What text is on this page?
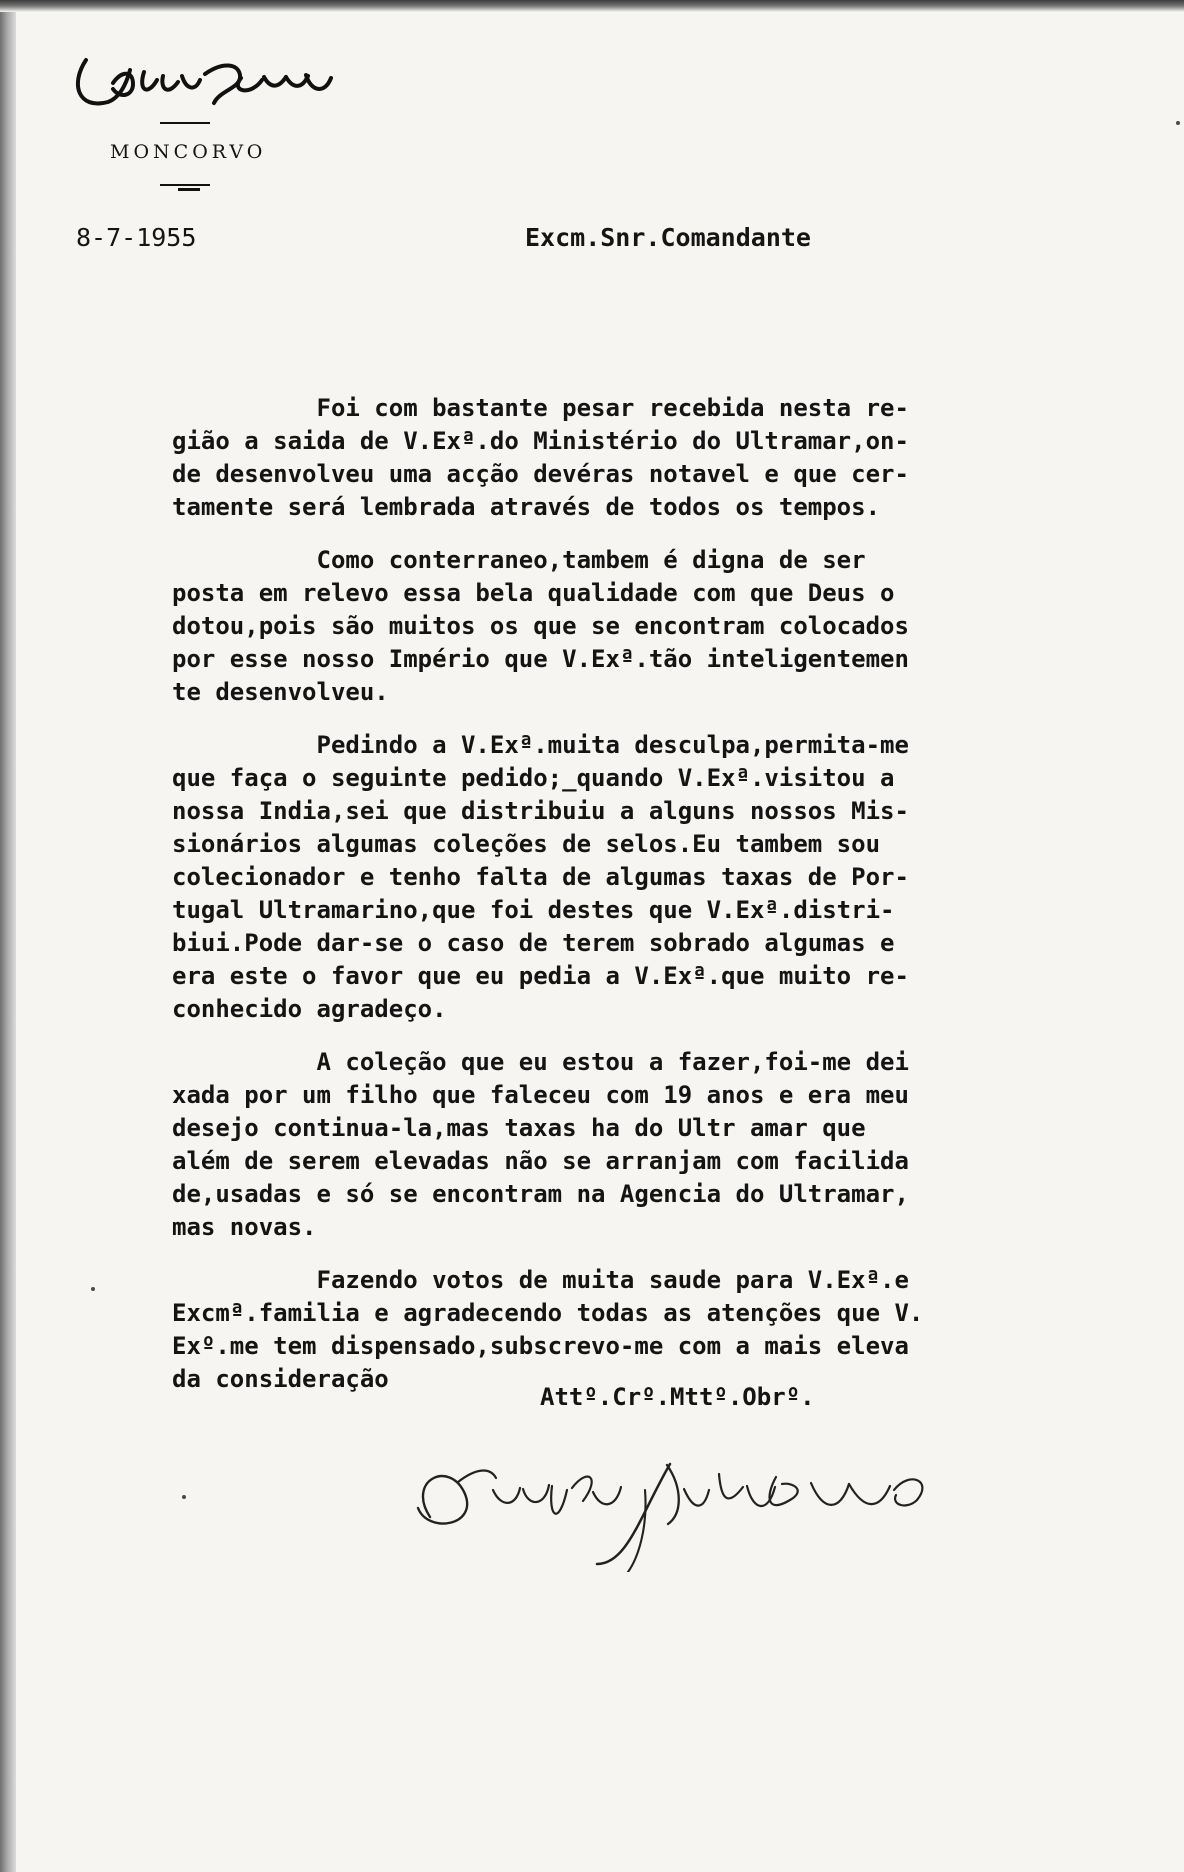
MONCORVO
8-7-1955	Excm.Snr.Comandante
Foi com bastante pesar recebida nesta re-
gião a saida de V.Exª.do Ministério do Ultramar,on-
de desenvolveu uma acção devéras notavel e que cer-
tamente será lembrada através de todos os tempos.
Como conterraneo,tambem é digna de ser
posta em relevo essa bela qualidade com que Deus o
dotou,pois são muitos os que se encontram colocados
por esse nosso Império que V.Exª.tão inteligentemen
te desenvolveu.
Pedindo a V.Exª.muita desculpa,permita-me
que faça o seguinte pedido;_quando V.Exª.visitou a
nossa India,sei que distribuiu a alguns nossos Mis-
sionários algumas coleções de selos.Eu tambem sou
colecionador e tenho falta de algumas taxas de Por-
tugal Ultramarino,que foi destes que V.Exª.distri-
biui.Pode dar-se o caso de terem sobrado algumas e
era este o favor que eu pedia a V.Exª.que muito re-
conhecido agradeço.
A coleção que eu estou a fazer,foi-me dei
xada por um filho que faleceu com 19 anos e era meu
desejo continua-la,mas taxas ha do Ultr amar que
além de serem elevadas não se arranjam com facilida
de,usadas e só se encontram na Agencia do Ultramar,
mas novas.
Fazendo votos de muita saude para V.Exª.e
Excmª.familia e agradecendo todas as atenções que V.
Exº.me tem dispensado,subscrevo-me com a mais eleva
da consideração
Attº.Crº.Mttº.Obrº.
